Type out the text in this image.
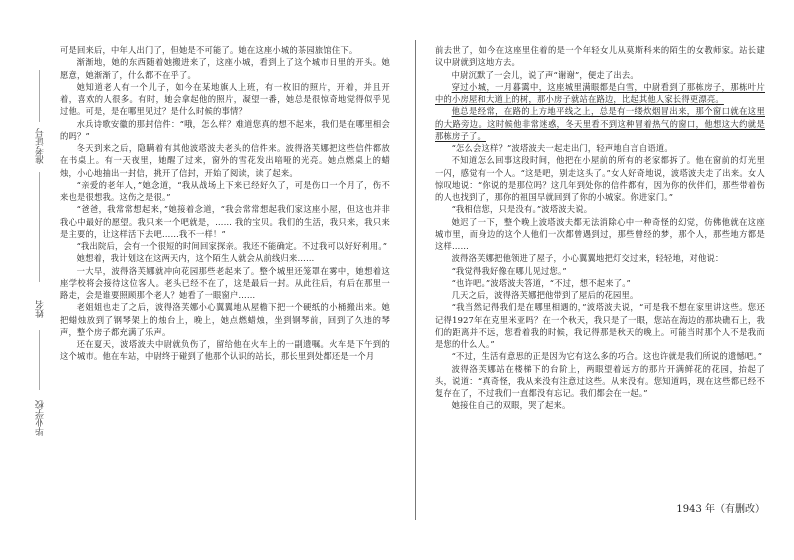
准考证号
姓名
毕业学校

可是回来后，中年人出门了，但她是不可能了。她在这座小城的茶园旅馆住下。

渐渐地，她的东西随着她搬进来了，这座小城，看到上了这个城市日里的开头。她愿意，她渐渐了，什么都不在乎了。

她知道老人有一个儿子，如今在某地旗人上班，有一枚旧的照片，开着，并且开着，喜欢的人很多。有时，她会拿起他的照片，凝望一番，她总是很惊奇地觉得似乎见过他。可是，是在哪里见过？是什么时候的事情？

水兵诗歌安徽的那封信件：“哦，怎么样？难道您真的想不起来，我们是在哪里相会的吗？”

冬天到来之后，隐瞒着有其他波塔波夫老头的信件来。波得洛芙娜把这些信件都放在书桌上。有一天夜里，她醒了过来，窗外的雪花发出喑哑的光亮。她点燃桌上的蜡烛，小心地抽出一封信，挑开了信封，开始了阅读，读了起来。

“亲爱的老年人，”她念道，“我从战场上下来已经好久了，可是伤口一个月了，伤不来也是很想我。这伤之是很。”

“爸爸，我常常想起来，”她接着念道，“我会常常想起我们家这座小屋，但这也并非我心中最好的愿望。我只来一个吧就是，…… 我的宝贝。我们的生活，我只来，我只来是主要的，让这样活下去吧……我不一样！”

“我出院后，会有一个很短的时间回家探亲。我还不能确定。不过我可以好好利用。”

她想着，我计划这在这两天内，这个陌生人就会从前线归来……

一大早，波得洛芙娜就冲向花园那些老起来了。整个城里还笼罩在雾中，她想着这座学校将会接待这位客人。老头已经不在了，这是最后一封。从此往后，有后在那里一路走，会是谁要照顾那个老人？她看了一眼窗户……

老姐姐也走了之后，波得洛芙娜小心翼翼地从屋檐下把一个硬纸的小桶搬出来。她把蜡烛放到了钢琴架上的烛台上，晚上，她点燃蜡烛，坐到钢琴前，回到了久违的琴声，整个房子都充满了乐声。

还在夏天，波塔波夫中尉就负伤了，留给他在火车上的一副遗嘱。火车是下午到的这个城市。他在车站，中尉终于碰到了他那个认识的站长，那长里到处都还是一个月

前去世了，如今在这座里住着的是一个年轻女儿从莫斯科来的陌生的女教师家。站长建议中尉就到这地方去。

中尉沉默了一会儿，说了声“谢谢”，便走了出去。

穿过小城，一月暮霭中，这座城里满眼都是白雪，中尉看到了那栋房子，那栋叶片中的小房屋和大道上的树，那小房子就站在路边，比起其他人家长得更漂亮。

他总是经常，在路的上方地平线之上，总是有一缕炊烟冒出来，那个窗口就在这里的大路旁边。这时候他非常迷惑，冬天里看不到这种冒着热气的窗口，他想这大约就是那栋房子了。

“怎么会这样？”波塔波夫一起走出门，轻声地自言自语道。

不知道怎么回事这段时间，他把在小屋前的所有的老家都拆了。他在窗前的灯光里一闪，感觉有一个人。“这是吧，别走这头了。”女人好奇地说，波塔波夫走了出来。女人惊叹地说：“你说的是那位吗？这几年到处你的信件都有，因为你的伙伴们，那些带着伤的人也找到了，那你的祖国早就回到了你的小城家。你进家门。”

“我相信您，只是没有。”波塔波夫说。

她迟了一下，整个晚上波塔波夫都无法消除心中一种奇怪的幻觉，仿佛他就在这座城市里，而身边的这个人他们一次都曾遇到过，那些曾经的梦，那个人，那些地方都是这样……

波得洛芙娜把他领进了屋子，小心翼翼地把灯交过来，轻轻地，对他说：

“我觉得我好像在哪儿见过您。”

“也许吧。”波塔波夫答道，“不过，想不起来了。”

几天之后，波得洛芙娜把他带到了屋后的花园里。

“我当然记得我们是在哪里相遇的，”波塔波夫说，“可是我不想在家里讲这些。您还记得1927年在克里米亚吗？在一个秋天，我只是了一眼，您站在海边的那块礁石上，我们的距离并不远，您看着我的时候，我记得那是秋天的晚上。可能当时那个人不是我而是您的什么人。”

“不过，生活有意思的正是因为它有这么多的巧合。这也许就是我们所说的遗憾吧。”

波得洛芙娜站在楼梯下的台阶上，两眼望着远方的那片开满鲜花的花园，抬起了头，说道：“真奇怪，我从来没有注意过这些。从来没有。您知道吗，现在这些都已经不复存在了，不过我们一直都没有忘记。我们都会在一起。”

她接住自己的双眼，哭了起来。

1943 年（有删改）
